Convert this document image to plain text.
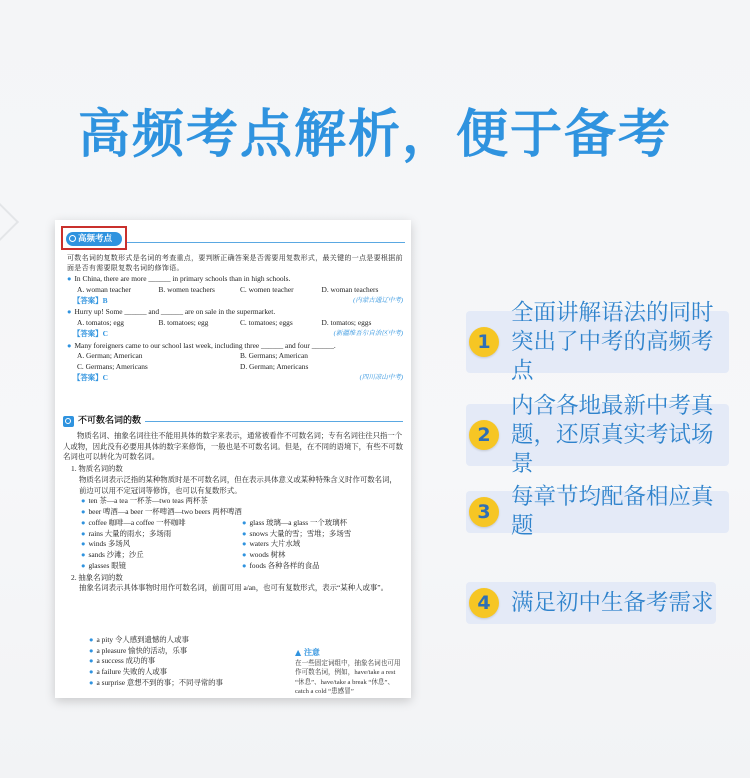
高频考点解析，便于备考
高频考点
可数名词的复数形式是名词的考查重点，要判断正确答案是否需要用复数形式，最关键的一点是要根据前面是否有需要限复数名词的修饰语。
● In China, there are more ______ in primary schools than in high schools.
A. woman teacher	B. women teachers	C. women teacher	D. woman teachers
【答案】B	(内蒙古通辽中考)
● Hurry up! Some ______ and ______ are on sale in the supermarket.
A. tomatos; egg	B. tomatoes; egg	C. tomatoes; eggs	D. tomatos; eggs
【答案】C	(新疆维吾尔自治区中考)
● Many foreigners came to our school last week, including three ______ and four ______.
A. German; American	B. Germans; American
C. Germans; Americans	D. German; Americans
【答案】C	(四川凉山中考)
不可数名词的数
物质名词、抽象名词往往不能用具体的数字来表示，通常被看作不可数名词；专有名词往往只指一个人或物，因此没有必要用具体的数字来修饰，一般也是不可数名词。但是，在不同的语境下，有些不可数名词也可以转化为可数名词。
1. 物质名词的数
物质名词表示泛指的某种物质时是不可数名词，但在表示具体意义或某种特殊含义时作可数名词，前边可以用不定冠词等修饰，也可以有复数形式。
● ten 茶—a tea 一杯茶—two teas 两杯茶
● beer 啤酒—a beer 一杯啤酒—two beers 两杯啤酒
● coffee 咖啡—a coffee 一杯咖啡	● glass 玻璃—a glass 一个玻璃杯
● rains 大量的雨水；多场雨	● snows 大量的雪；雪堆；多场雪
● winds 多场风	● waters 大片水域
● sands 沙滩；沙丘	● woods 树林
● glasses 眼镜	● foods 各种各样的食品
2. 抽象名词的数
抽象名词表示具体事物时用作可数名词，前面可用 a/an，也可有复数形式，表示“某种人或事”。
● a pity 令人感到遗憾的人或事
● a pleasure 愉快的活动，乐事
● a success 成功的事
● a failure 失败的人或事
● a surprise 意想不到的事；不同寻常的事
▲ 注意
在一些固定词组中，抽象名词也可用作可数名词，例如，have/take a rest “休息”、have/take a break “休息”、catch a cold “患感冒”
1
全面讲解语法的同时
突出了中考的高频考点
2
内含各地最新中考真
题，还原真实考试场景
3
每章节均配备相应真题
4 满足初中生备考需求
